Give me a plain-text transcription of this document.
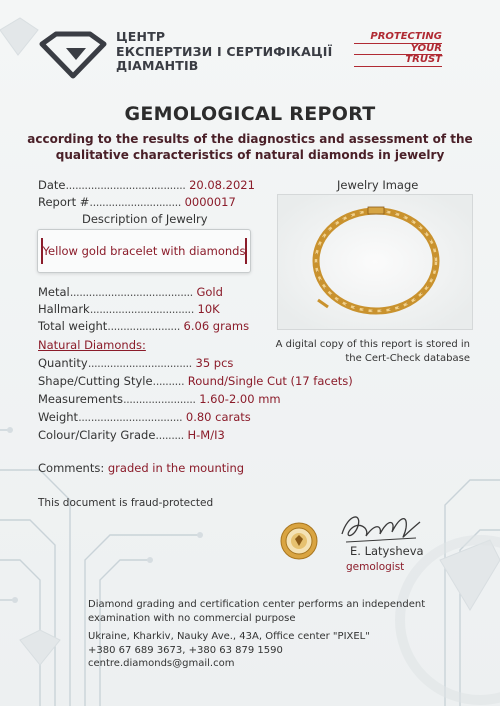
ЦЕНТР
ЕКСПЕРТИЗИ І СЕРТИФІКАЦІЇ
ДІАМАНТІВ
PROTECTING
YOUR
TRUST
GEMOLOGICAL REPORT
according to the results of the diagnostics and assessment of the
qualitative characteristics of natural diamonds in jewelry
Date...................................... 20.08.2021
Report #............................. 0000017
Description of Jewelry
Yellow gold bracelet with diamonds
Metal....................................... Gold
Hallmark................................. 10K
Total weight....................... 6.06 grams
Natural Diamonds:
Quantity................................. 35 pcs
Shape/Cutting Style.......... Round/Single Cut (17 facets)
Measurements....................... 1.60-2.00 mm
Weight................................. 0.80 carats
Colour/Clarity Grade......... H-M/I3
Jewelry Image
A digital copy of this report is stored in
the Cert-Check database
Comments: graded in the mounting
This document is fraud-protected
E. Latysheva
gemologist
Diamond grading and certification center performs an independent
examination with no commercial purpose
Ukraine, Kharkiv, Nauky Ave., 43A, Office center "PIXEL"
+380 67 689 3673, +380 63 879 1590
centre.diamonds@gmail.com
